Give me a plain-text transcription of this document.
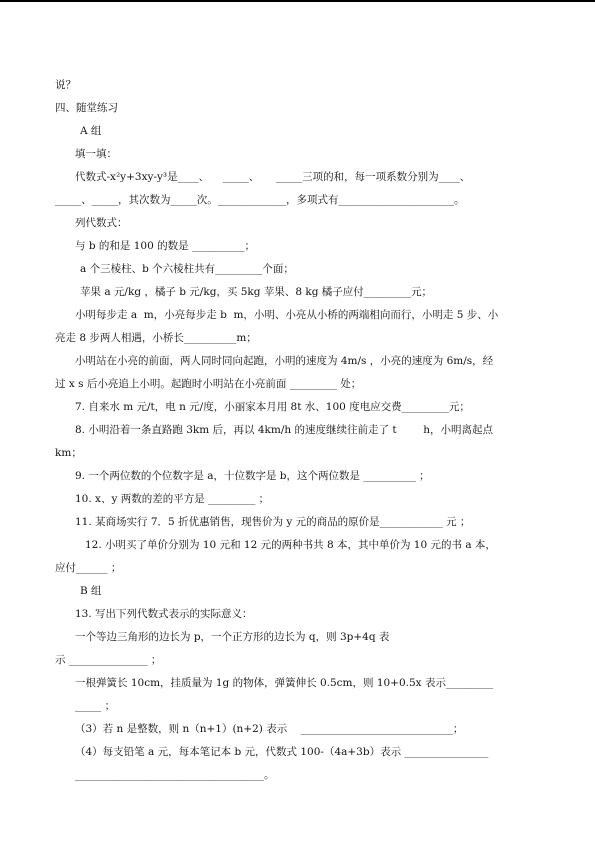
说？
四、随堂练习
A 组
填一填：
代数式-x²y+3xy-y³是____、    _____、     _____三项的和，每一项系数分别为____、
_____、_____，其次数为_____次。_____________，多项式有______________________。
列代数式：
与 b 的和是 100 的数是 __________；
a 个三棱柱、b 个六棱柱共有_________个面；
苹果 a 元/kg ，橘子 b 元/kg，买 5kg 苹果、8 kg 橘子应付_________元；
小明每步走 a  m，小亮每步走 b  m，小明、小亮从小桥的两端相向而行，小明走 5 步、小
亮走 8 步两人相遇，小桥长__________m；
小明站在小亮的前面，两人同时同向起跑，小明的速度为 4m/s ，小亮的速度为 6m/s，经
过 x s 后小亮追上小明。起跑时小明站在小亮前面 _________ 处；
7. 自来水 m 元/t，电 n 元/度，小丽家本月用 8t 水、100 度电应交费_________元；
8. 小明沿着一条直路跑 3km 后，再以 4km/h 的速度继续往前走了 t        h，小明离起点
km；
9. 一个两位数的个位数字是 a，十位数字是 b，这个两位数是 __________ ；
10. x、y 两数的差的平方是 _________ ；
11. 某商场实行 7．5 折优惠销售，现售价为 y 元的商品的原价是____________ 元 ；
12. 小明买了单价分别为 10 元和 12 元的两种书共 8 本，其中单价为 10 元的书 a 本，
应付______ ；
B 组
13. 写出下列代数式表示的实际意义：
一个等边三角形的边长为 p，一个正方形的边长为 q，则 3p+4q 表
示 _______________ ；
一根弹簧长 10cm，挂质量为 1g 的物体，弹簧伸长 0.5cm，则 10+0.5x 表示_________
_____ ；
（3）若 n 是整数，则 n（n+1）(n+2) 表示    _____________________________；
（4）每支铅笔 a 元，每本笔记本 b 元，代数式 100-（4a+3b）表示 ________________
____________________________________。
